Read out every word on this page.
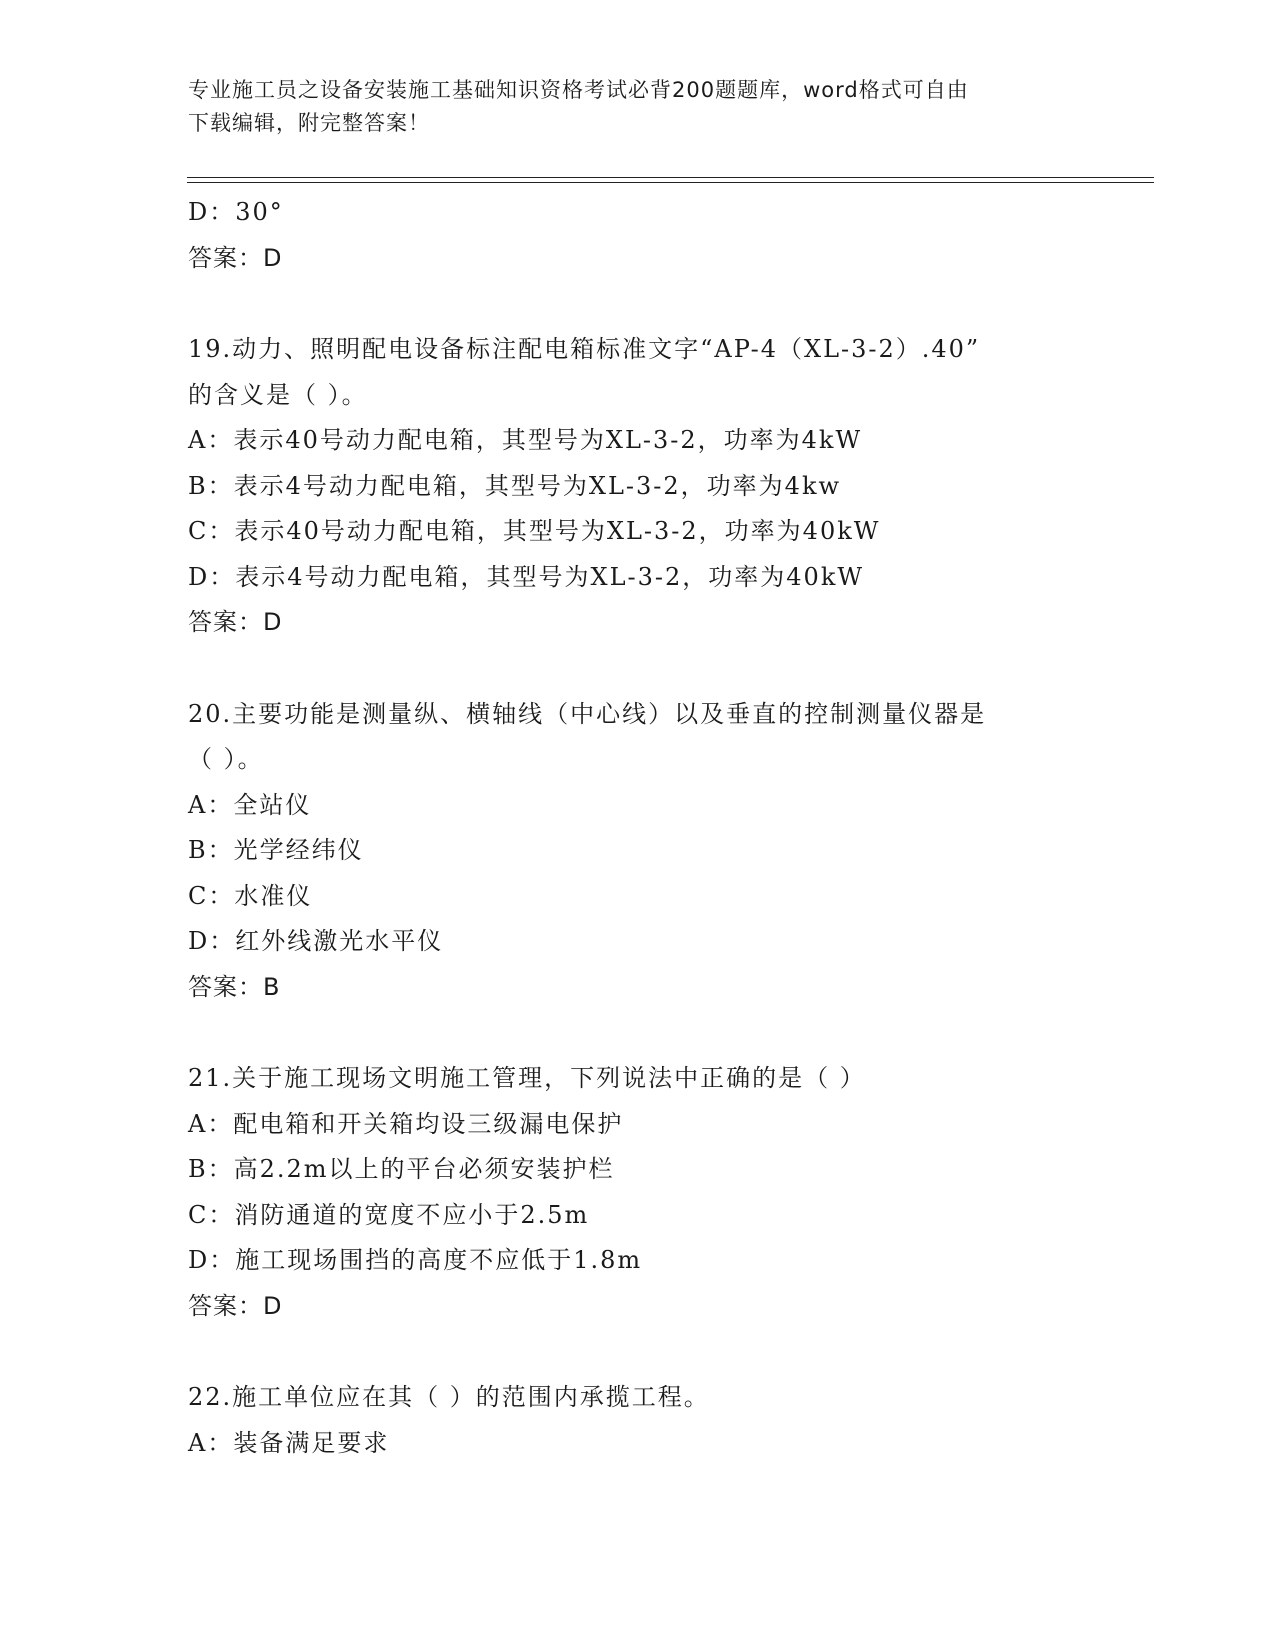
专业施工员之设备安装施工基础知识资格考试必背200题题库，word格式可自由
下载编辑，附完整答案！
D：30°
答案：D
19.动力、照明配电设备标注配电箱标准文字“AP-4（XL-3-2）.40”
的含义是（ ）。
A：表示40号动力配电箱，其型号为XL-3-2，功率为4kW
B：表示4号动力配电箱，其型号为XL-3-2，功率为4kw
C：表示40号动力配电箱，其型号为XL-3-2，功率为40kW
D：表示4号动力配电箱，其型号为XL-3-2，功率为40kW
答案：D
20.主要功能是测量纵、横轴线（中心线）以及垂直的控制测量仪器是
（ ）。
A：全站仪
B：光学经纬仪
C：水准仪
D：红外线激光水平仪
答案：B
21.关于施工现场文明施工管理，下列说法中正确的是（ ）
A：配电箱和开关箱均设三级漏电保护
B：高2.2m以上的平台必须安装护栏
C：消防通道的宽度不应小于2.5m
D：施工现场围挡的高度不应低于1.8m
答案：D
22.施工单位应在其（ ）的范围内承揽工程。
A：装备满足要求
